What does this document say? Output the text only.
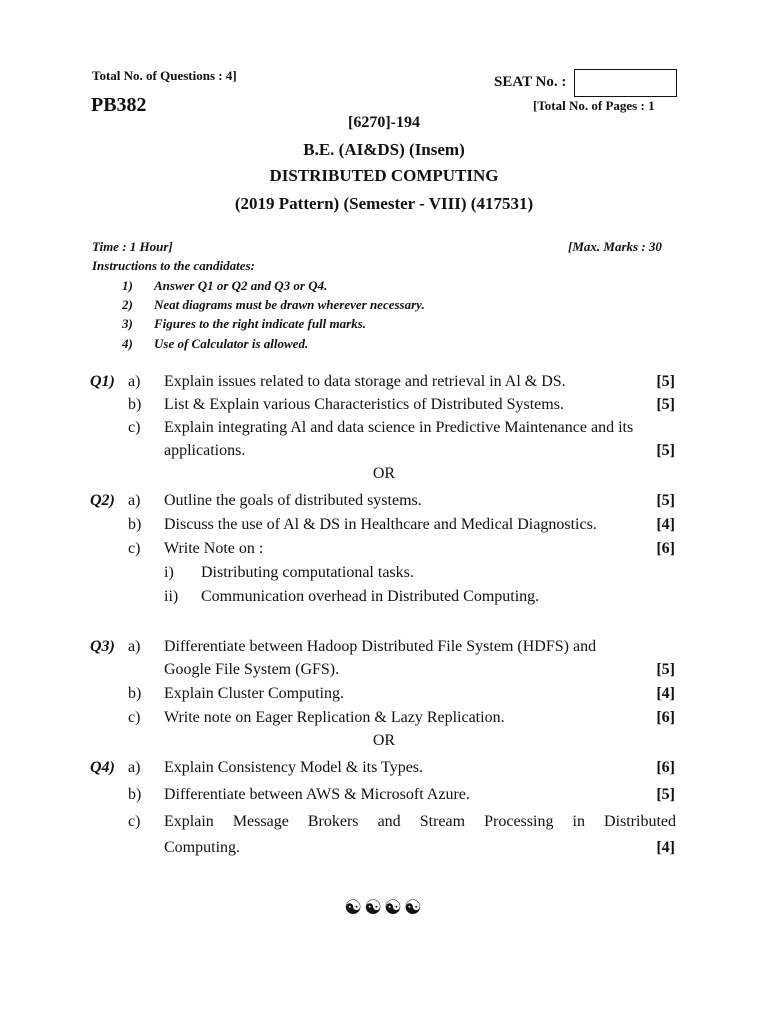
Total No. of Questions : 4]	SEAT No. :
PB382	[Total No. of Pages : 1
[6270]-194
B.E. (AI&DS) (Insem)
DISTRIBUTED COMPUTING
(2019 Pattern) (Semester - VIII) (417531)
Time : 1 Hour]	[Max. Marks : 30
Instructions to the candidates:
1) Answer Q1 or Q2 and Q3 or Q4.
2) Neat diagrams must be drawn wherever necessary.
3) Figures to the right indicate full marks.
4) Use of Calculator is allowed.
Q1) a) Explain issues related to data storage and retrieval in Al & DS.	[5]
b) List & Explain various Characteristics of Distributed Systems.	[5]
c) Explain integrating Al and data science in Predictive Maintenance and its
applications.	[5]
OR
Q2) a) Outline the goals of distributed systems.	[5]
b) Discuss the use of Al & DS in Healthcare and Medical Diagnostics.	[4]
c) Write Note on :	[6]
i) Distributing computational tasks.
ii) Communication overhead in Distributed Computing.
Q3) a) Differentiate between Hadoop Distributed File System (HDFS) and
Google File System (GFS).	[5]
b) Explain Cluster Computing.	[4]
c) Write note on Eager Replication & Lazy Replication.	[6]
OR
Q4) a) Explain Consistency Model & its Types.	[6]
b) Differentiate between AWS & Microsoft Azure.	[5]
c) Explain Message Brokers and Stream Processing in Distributed
Computing.	[4]
☯☯☯☯
